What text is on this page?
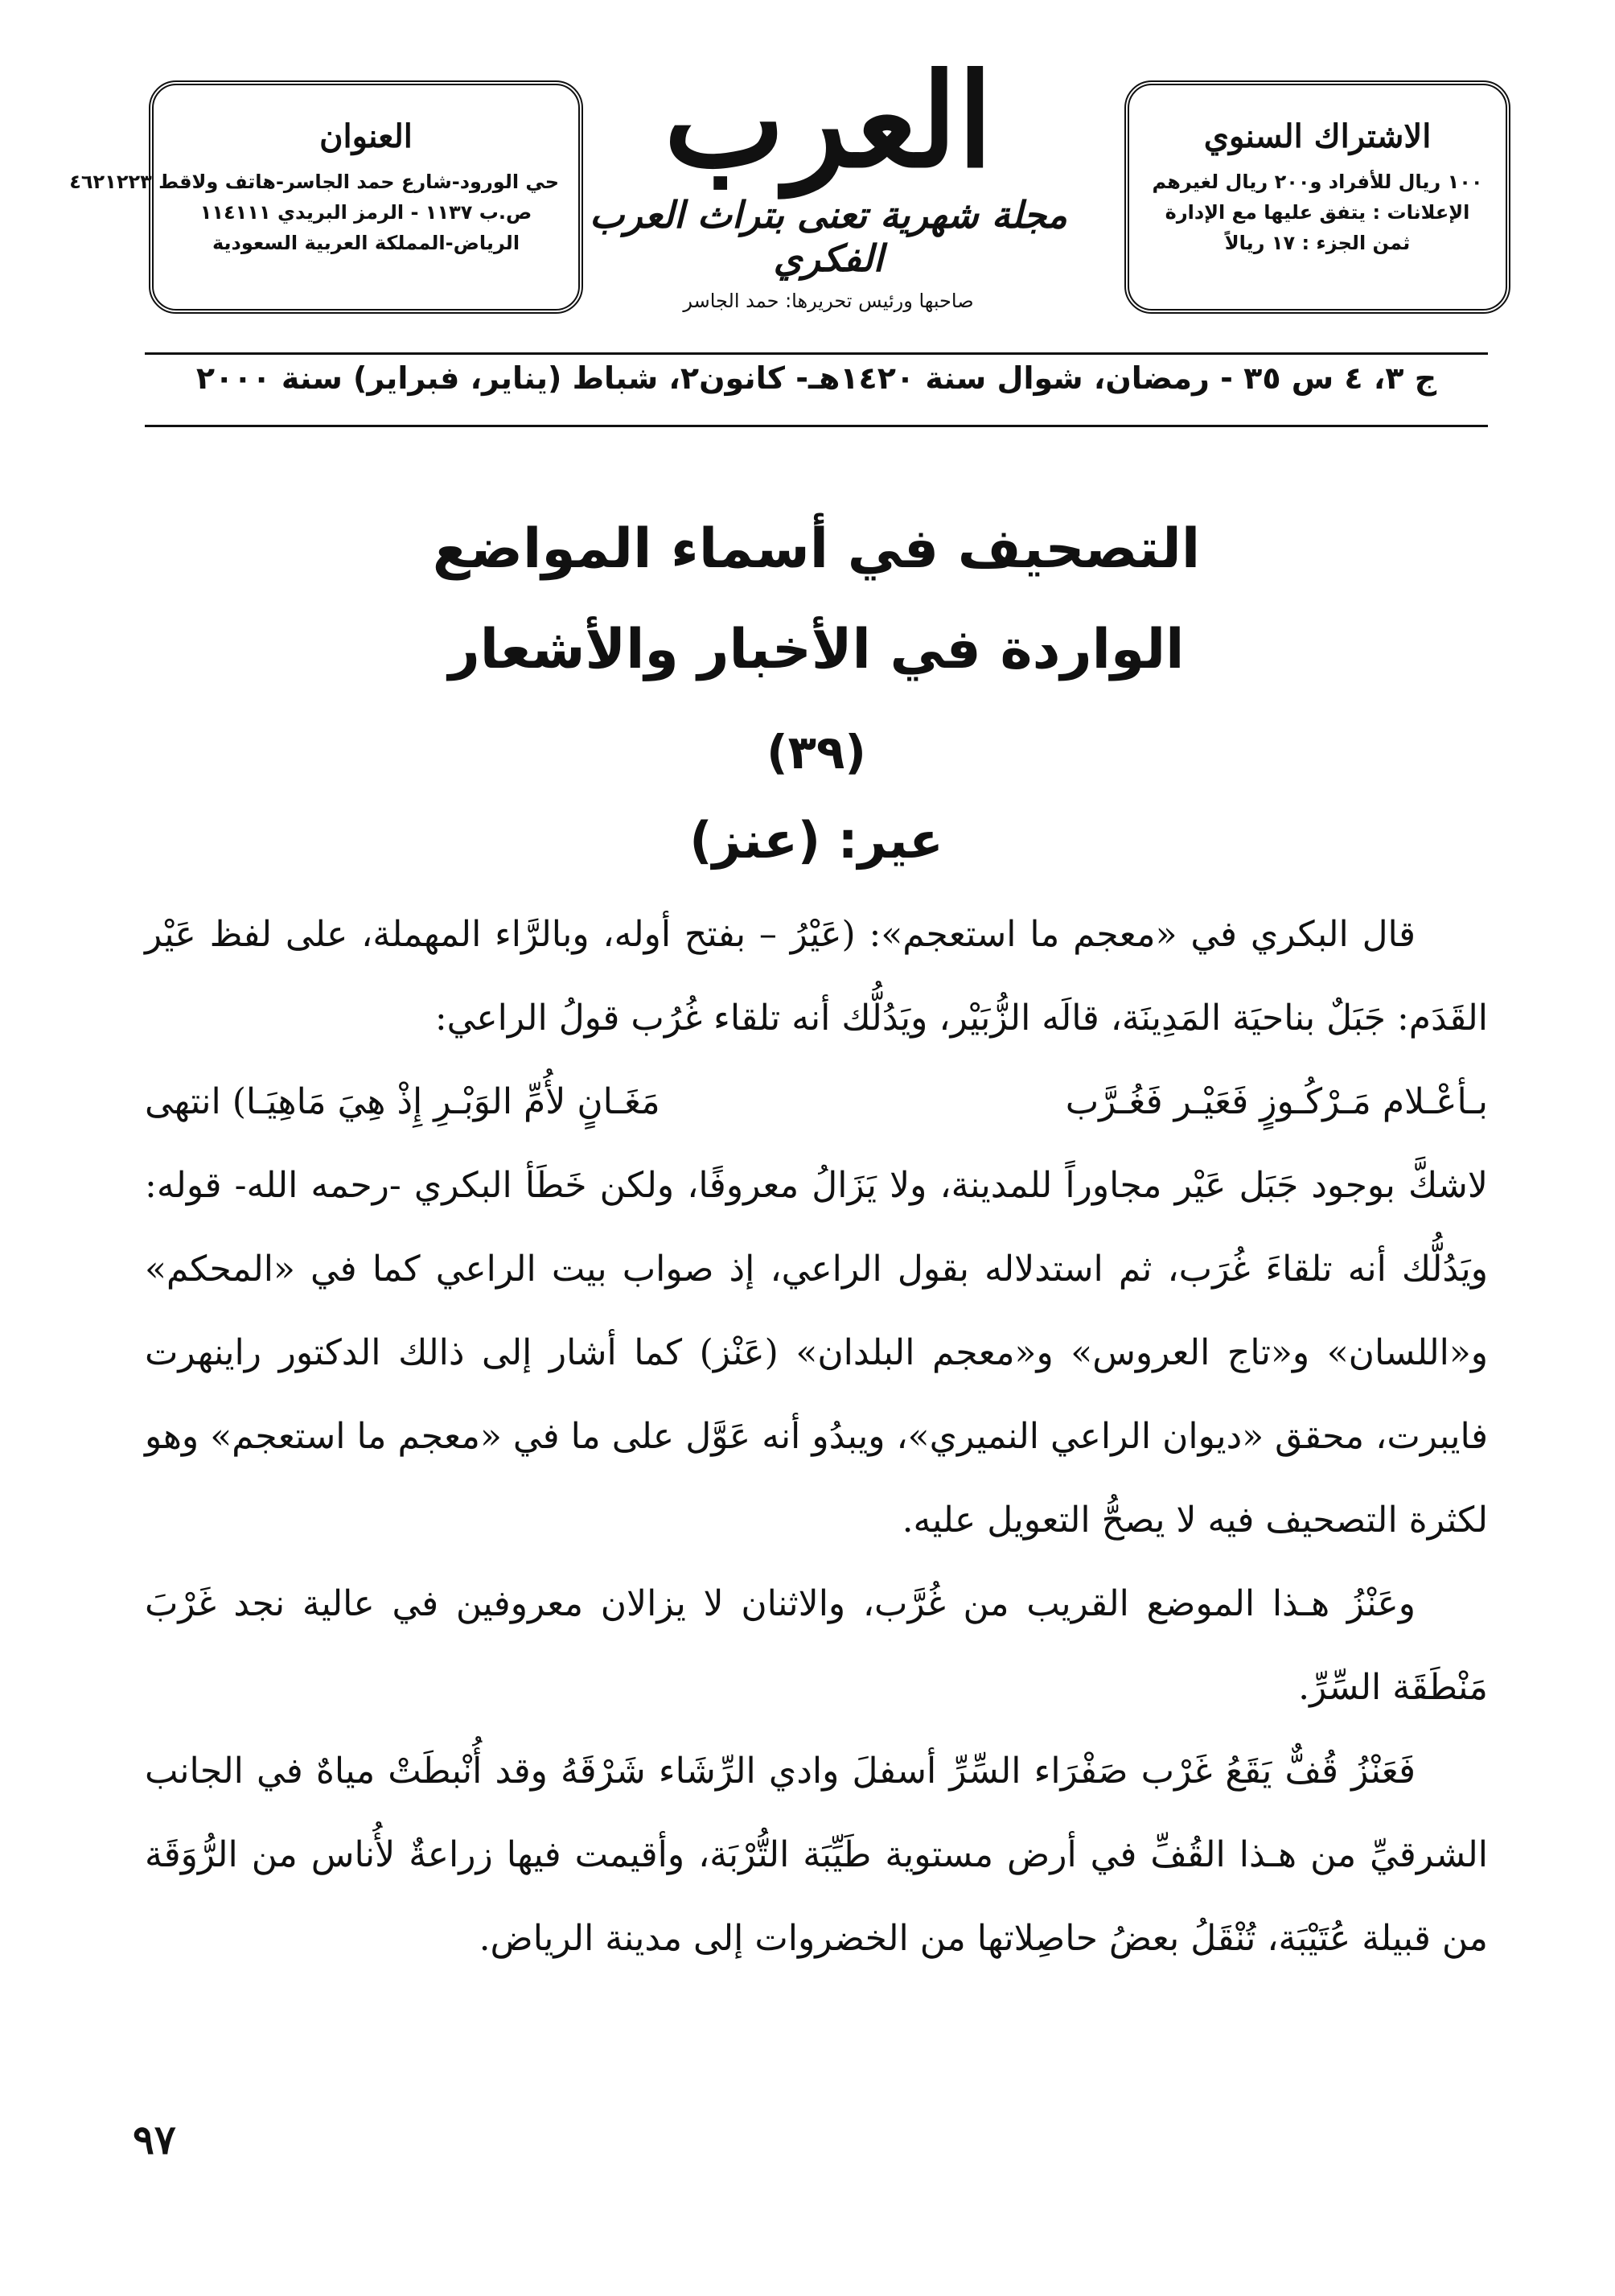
الاشتراك السنوي
١٠٠ ريال للأفراد و٢٠٠ ريال لغيرهم
الإعلانات : يتفق عليها مع الإدارة
ثمن الجزء : ١٧ ريالاً
العرب
مجلة شهرية تعنى بتراث العرب الفكري
صاحبها ورئيس تحريرها: حمد الجاسر
العنوان
حي الورود-شارع حمد الجاسر-هاتف ولاقط ٤٦٢١٢٢٣
ص.ب ١١٣٧ - الرمز البريدي ١١٤١١١
الرياض-المملكة العربية السعودية
ج ٣، ٤ س ٣٥ - رمضان، شوال سنة ١٤٢٠هـ- كانون٢، شباط (يناير، فبراير) سنة ٢٠٠٠
التصحيف في أسماء المواضع
الواردة في الأخبار والأشعار
(٣٩)
عير: (عنز)

قال البكري في «معجم ما استعجم»: (عَيْرُ – بفتح أوله، وبالرَّاء المهملة، على لفظ عَيْر القَدَم: جَبَلٌ بناحيَة المَدِينَة، قالَه الزُّبَيْر، ويَدُلُّك أنه تلقاء غُرُب قولُ الراعي:

بـأعْـلام مَـرْكُـوزٍ فَعَيْـر فَغُـرَّب
مَغَـانٍ لأُمِّ الوَبْـرِ إِذْ هِيَ مَاهِيَـا) انتهى

لاشكَّ بوجود جَبَل عَيْر مجاوراً للمدينة، ولا يَزَالُ معروفًا، ولكن خَطَأ البكري -رحمه الله- قوله: ويَدُلُّك أنه تلقاءَ غُرَب، ثم استدلاله بقول الراعي، إذ صواب بيت الراعي كما في «المحكم» و«اللسان» و«تاج العروس» و«معجم البلدان» (عَنْز) كما أشار إلى ذالك الدكتور راينهرت فايبرت، محقق «ديوان الراعي النميري»، ويبدُو أنه عَوَّل على ما في «معجم ما استعجم» وهو لكثرة التصحيف فيه لا يصحُّ التعويل عليه.

وعَنْزُ هـذا الموضع القريب من غُرَّب، والاثنان لا يزالان معروفين في عالية نجد غَرْبَ مَنْطَقَة السِّرِّ.

فَعَنْزُ قُفٌّ يَقَعُ غَرْب صَفْرَاء السِّرِّ أسفلَ وادي الرِّشَاء شَرْقَهُ وقد أُنْبطَتْ مياهٌ في الجانب الشرقيِّ من هـذا القُفِّ في أرض مستوية طَيِّبَة التُّرْبَة، وأقيمت فيها زراعةٌ لأُناس من الرُّوَقَة من قبيلة عُتَيْبَة، تُنْقَلُ بعضُ حاصِلاتها من الخضروات إلى مدينة الرياض.

٩٧
